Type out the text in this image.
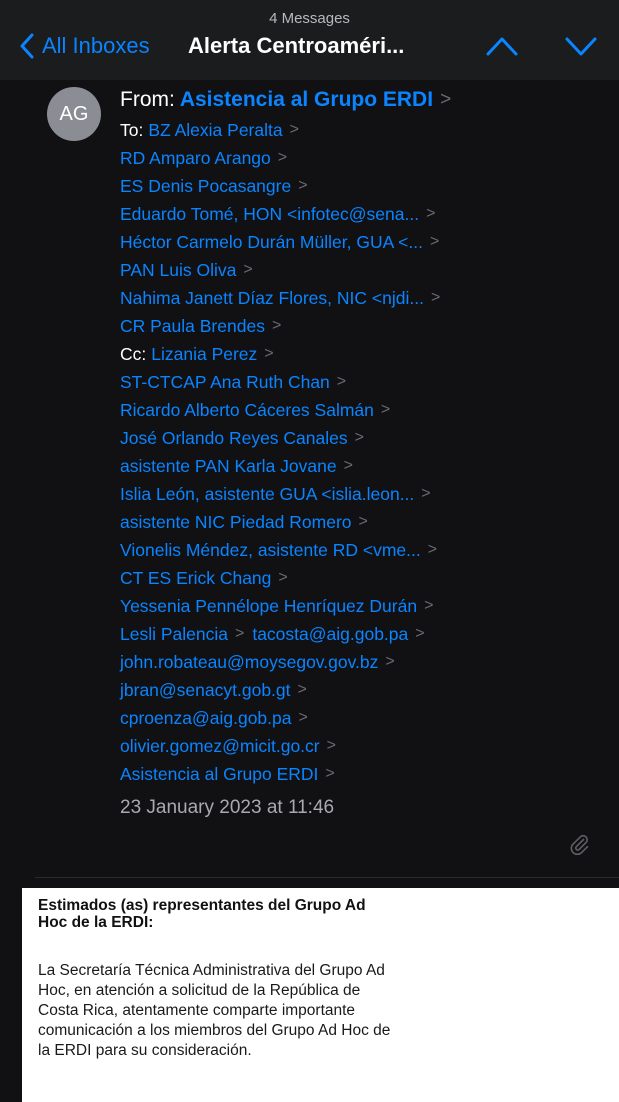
4 Messages
All Inboxes Alerta Centroaméri...
AG
From: Asistencia al Grupo ERDI >
To: BZ Alexia Peralta >
RD Amparo Arango >
ES Denis Pocasangre >
Eduardo Tomé, HON <infotec@sena... >
Héctor Carmelo Durán Müller, GUA <... >
PAN Luis Oliva >
Nahima Janett Díaz Flores, NIC <njdi... >
CR Paula Brendes >
Cc: Lizania Perez >
ST-CTCAP Ana Ruth Chan >
Ricardo Alberto Cáceres Salmán >
José Orlando Reyes Canales >
asistente PAN Karla Jovane >
Islia León, asistente GUA <islia.leon... >
asistente NIC Piedad Romero >
Vionelis Méndez, asistente RD <vme... >
CT ES Erick Chang >
Yessenia Pennélope Henríquez Durán >
Lesli Palencia > tacosta@aig.gob.pa >
john.robateau@moysegov.gov.bz >
jbran@senacyt.gob.gt >
cproenza@aig.gob.pa >
olivier.gomez@micit.go.cr >
Asistencia al Grupo ERDI >
23 January 2023 at 11:46
Estimados (as) representantes del Grupo Ad
Hoc de la ERDI:
La Secretaría Técnica Administrativa del Grupo Ad
Hoc, en atención a solicitud de la República de
Costa Rica, atentamente comparte importante
comunicación a los miembros del Grupo Ad Hoc de
la ERDI para su consideración.
